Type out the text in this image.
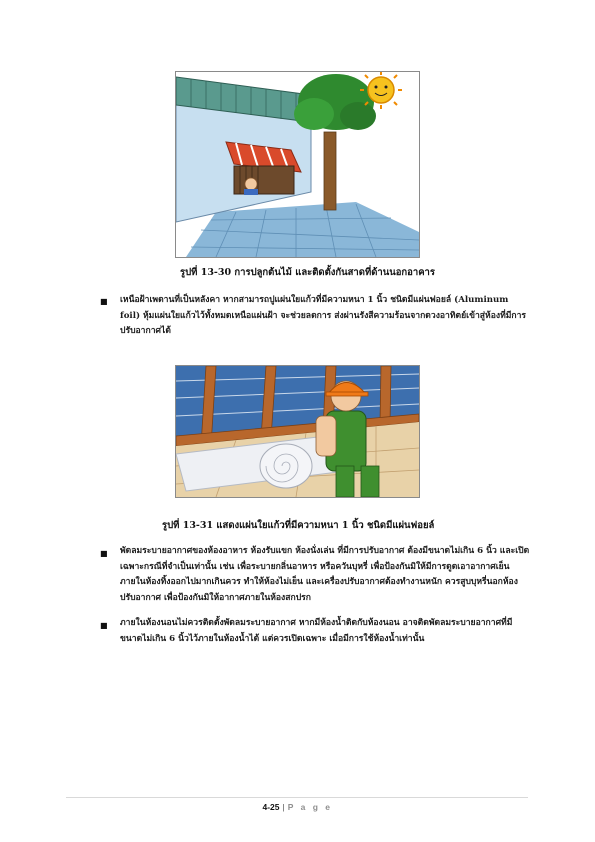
รูปที่ 13-30 การปลูกต้นไม้ และติดตั้งกันสาดที่ด้านนอกอาคาร
■ เหนือฝ้าเพดานที่เป็นหลังคา หากสามารถปูแผ่นใยแก้วที่มีความหนา 1 นิ้ว ชนิดมีแผ่นฟอยล์ (Aluminum foil) หุ้มแผ่นใยแก้วไว้ทั้งหมดเหนือแผ่นฝ้า จะช่วยลดการ ส่งผ่านรังสีความร้อนจากดวงอาทิตย์เข้าสู่ห้องที่มีการปรับอากาศได้
รูปที่ 13-31 แสดงแผ่นใยแก้วที่มีความหนา 1 นิ้ว ชนิดมีแผ่นฟอยล์
■ พัดลมระบายอากาศของห้องอาหาร ห้องรับแขก ห้องนั่งเล่น ที่มีการปรับอากาศ ต้องมีขนาดไม่เกิน 6 นิ้ว และเปิดเฉพาะกรณีที่จำเป็นเท่านั้น เช่น เพื่อระบายกลิ่นอาหาร หรือควันบุหรี่ เพื่อป้องกันมิให้มีการดูดเอาอากาศเย็นภายในห้องทิ้งออกไปมากเกินควร ทำให้ห้องไม่เย็น และเครื่องปรับอากาศต้องทำงานหนัก ควรสูบบุหรี่นอกห้องปรับอากาศ เพื่อป้องกันมิให้อากาศภายในห้องสกปรก
■ ภายในห้องนอนไม่ควรติดตั้งพัดลมระบายอากาศ หากมีห้องน้ำติดกับห้องนอน อาจติดพัดลมระบายอากาศที่มีขนาดไม่เกิน 6 นิ้วไว้ภายในห้องน้ำได้ แต่ควรเปิดเฉพาะ เมื่อมีการใช้ห้องน้ำเท่านั้น
4-25 | P a g e
